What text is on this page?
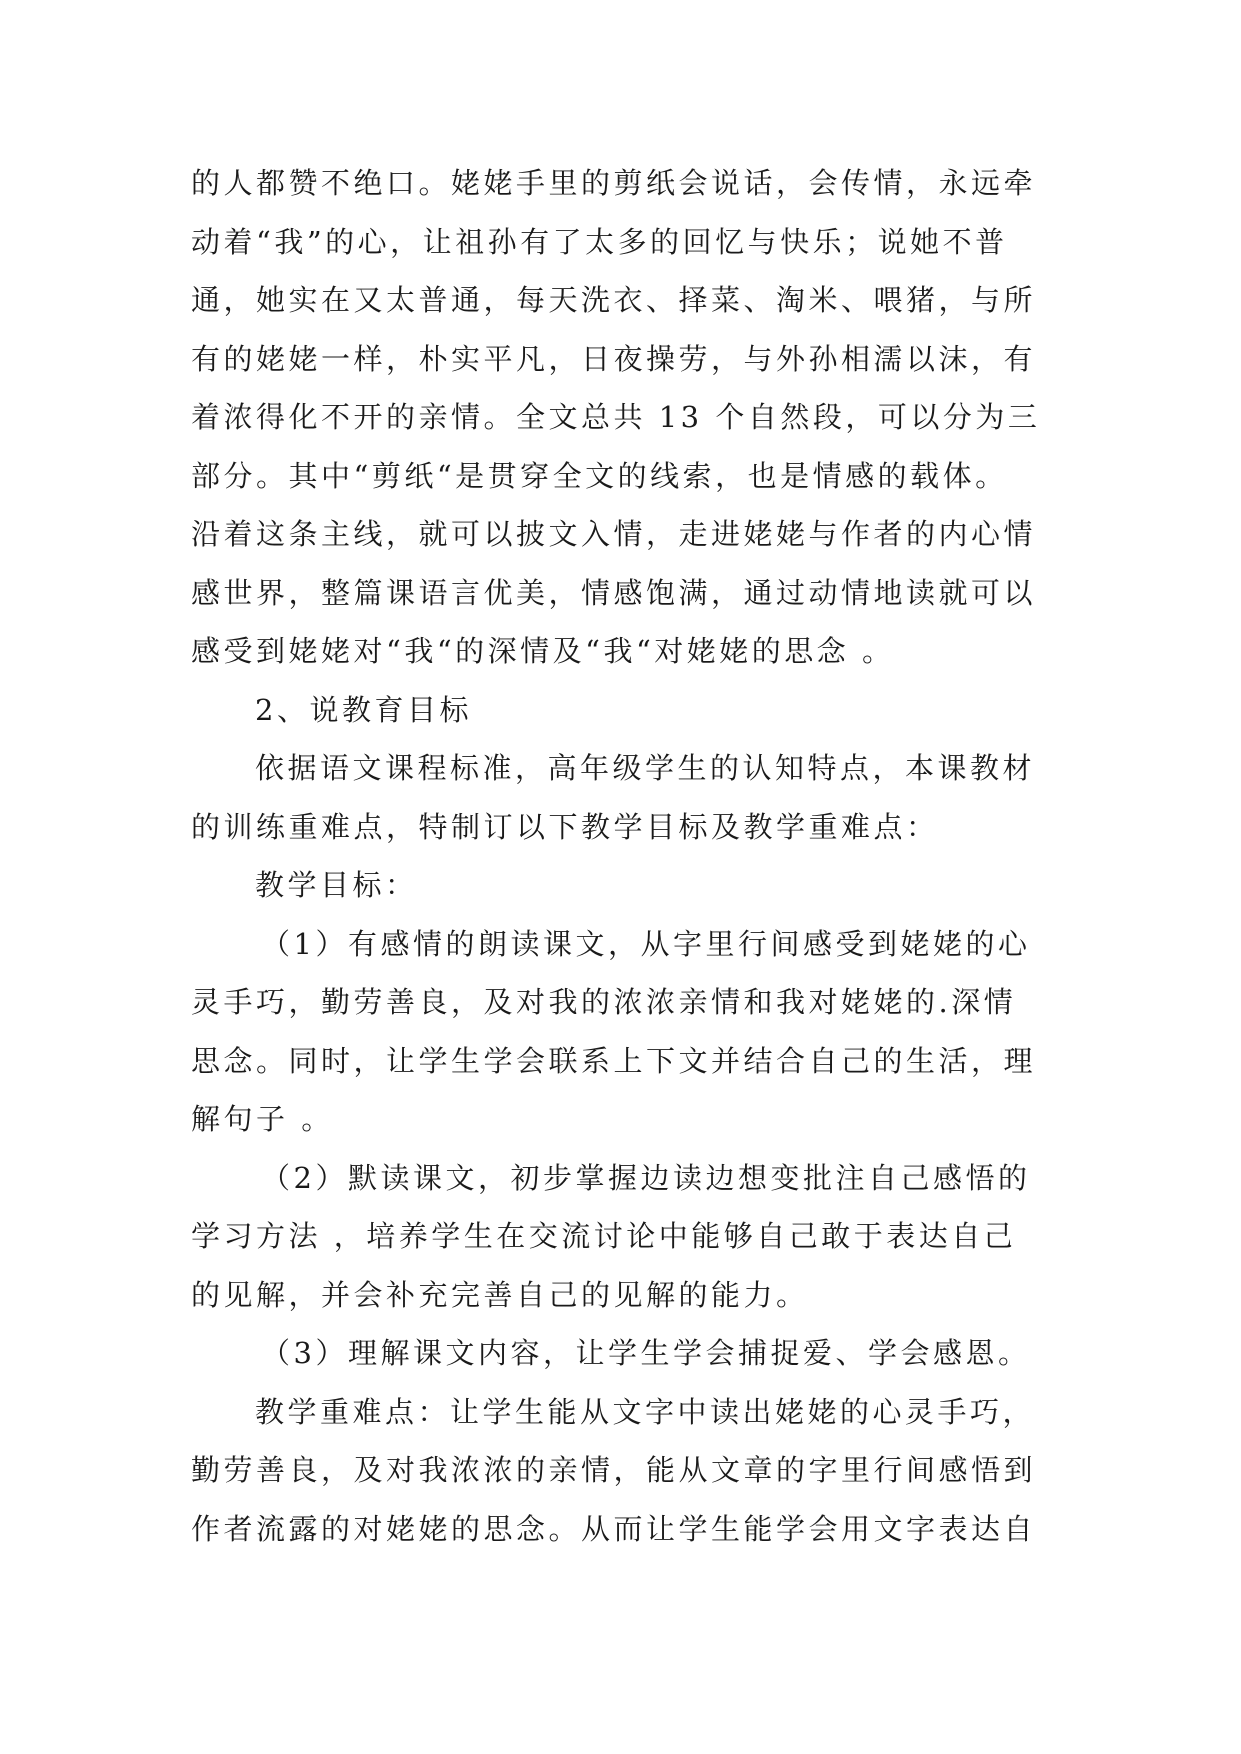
的人都赞不绝口。姥姥手里的剪纸会说话，会传情，永远牵
动着“我”的心，让祖孙有了太多的回忆与快乐；说她不普
通，她实在又太普通，每天洗衣、择菜、淘米、喂猪，与所
有的姥姥一样，朴实平凡，日夜操劳，与外孙相濡以沫，有
着浓得化不开的亲情。全文总共 13 个自然段，可以分为三
部分。其中“剪纸“是贯穿全文的线索，也是情感的载体。
沿着这条主线，就可以披文入情，走进姥姥与作者的内心情
感世界，整篇课语言优美，情感饱满，通过动情地读就可以
感受到姥姥对“我“的深情及“我“对姥姥的思念 。
2、说教育目标
依据语文课程标准，高年级学生的认知特点，本课教材
的训练重难点，特制订以下教学目标及教学重难点：
教学目标：
（1）有感情的朗读课文，从字里行间感受到姥姥的心
灵手巧，勤劳善良，及对我的浓浓亲情和我对姥姥的.深情
思念。同时，让学生学会联系上下文并结合自己的生活，理
解句子 。
（2）默读课文，初步掌握边读边想变批注自己感悟的
学习方法 ，培养学生在交流讨论中能够自己敢于表达自己
的见解，并会补充完善自己的见解的能力。
（3）理解课文内容，让学生学会捕捉爱、学会感恩。
教学重难点：让学生能从文字中读出姥姥的心灵手巧，
勤劳善良，及对我浓浓的亲情，能从文章的字里行间感悟到
作者流露的对姥姥的思念。从而让学生能学会用文字表达自
